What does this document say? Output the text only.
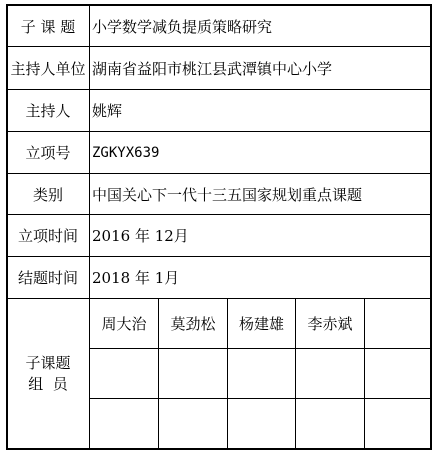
子 课 题	小学数学减负提质策略研究
主持人单位 湖南省益阳市桃江县武潭镇中心小学
主持人	姚辉
立项号	ZGKYX639
类别	中国关心下一代十三五国家规划重点课题
立项时间 2016 年 12月
结题时间 2018 年 1月
子课题
组  员
周大治	莫劲松	杨建雄	李赤斌
